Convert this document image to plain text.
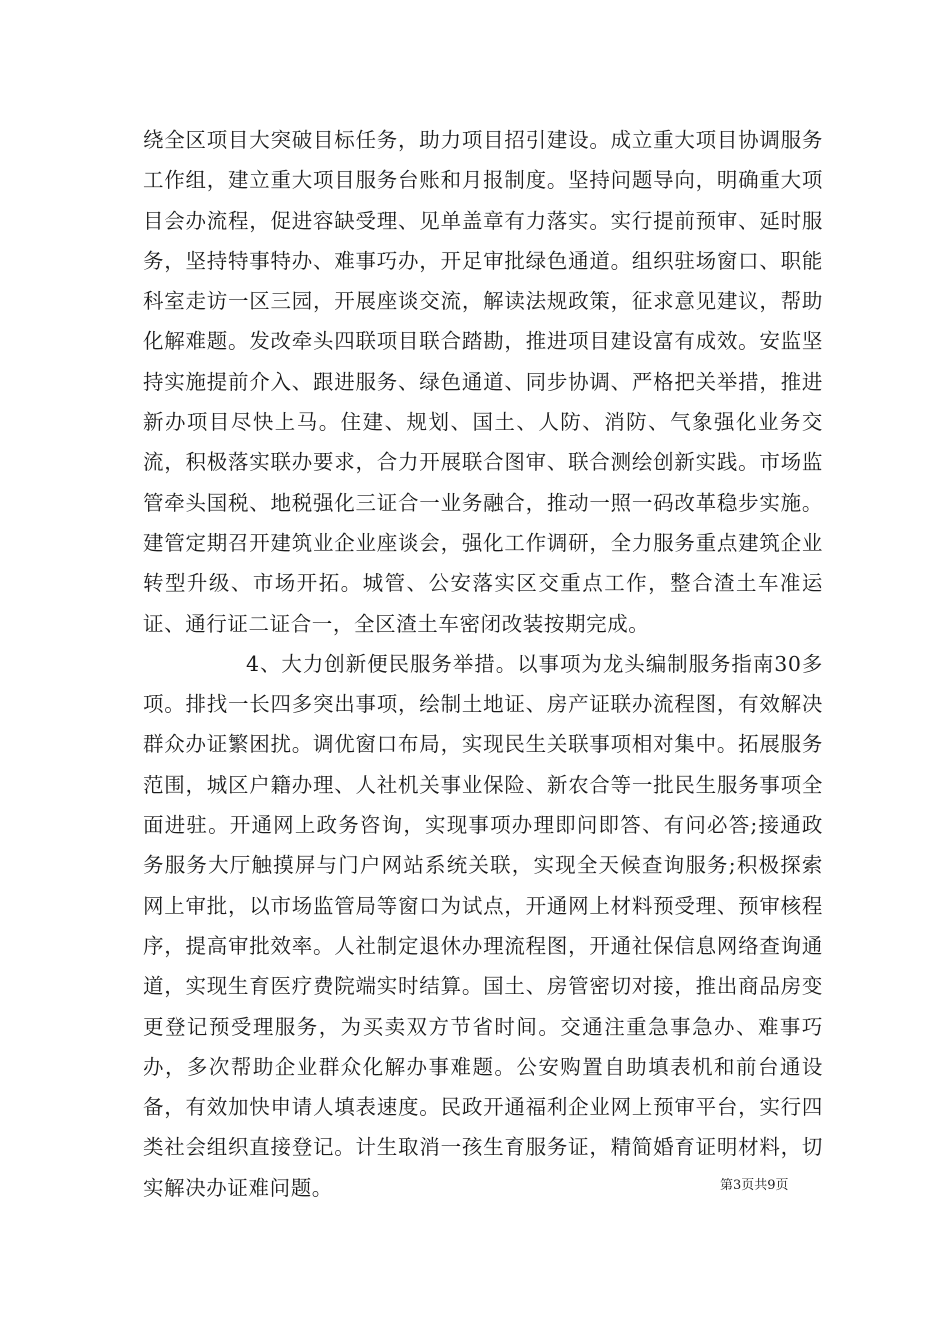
绕全区项目大突破目标任务，助力项目招引建设。成立重大项目协调服务工作组，建立重大项目服务台账和月报制度。坚持问题导向，明确重大项目会办流程，促进容缺受理、见单盖章有力落实。实行提前预审、延时服务，坚持特事特办、难事巧办，开足审批绿色通道。组织驻场窗口、职能科室走访一区三园，开展座谈交流，解读法规政策，征求意见建议，帮助化解难题。发改牵头四联项目联合踏勘，推进项目建设富有成效。安监坚持实施提前介入、跟进服务、绿色通道、同步协调、严格把关举措，推进新办项目尽快上马。住建、规划、国土、人防、消防、气象强化业务交流，积极落实联办要求，合力开展联合图审、联合测绘创新实践。市场监管牵头国税、地税强化三证合一业务融合，推动一照一码改革稳步实施。建管定期召开建筑业企业座谈会，强化工作调研，全力服务重点建筑企业转型升级、市场开拓。城管、公安落实区交重点工作，整合渣土车准运证、通行证二证合一，全区渣土车密闭改装按期完成。

4、大力创新便民服务举措。以事项为龙头编制服务指南30多项。排找一长四多突出事项，绘制土地证、房产证联办流程图，有效解决群众办证繁困扰。调优窗口布局，实现民生关联事项相对集中。拓展服务范围，城区户籍办理、人社机关事业保险、新农合等一批民生服务事项全面进驻。开通网上政务咨询，实现事项办理即问即答、有问必答;接通政务服务大厅触摸屏与门户网站系统关联，实现全天候查询服务;积极探索网上审批，以市场监管局等窗口为试点，开通网上材料预受理、预审核程序，提高审批效率。人社制定退休办理流程图，开通社保信息网络查询通道，实现生育医疗费院端实时结算。国土、房管密切对接，推出商品房变更登记预受理服务，为买卖双方节省时间。交通注重急事急办、难事巧办，多次帮助企业群众化解办事难题。公安购置自助填表机和前台通设备，有效加快申请人填表速度。民政开通福利企业网上预审平台，实行四类社会组织直接登记。计生取消一孩生育服务证，精简婚育证明材料，切实解决办证难问题。	第3页共9页
